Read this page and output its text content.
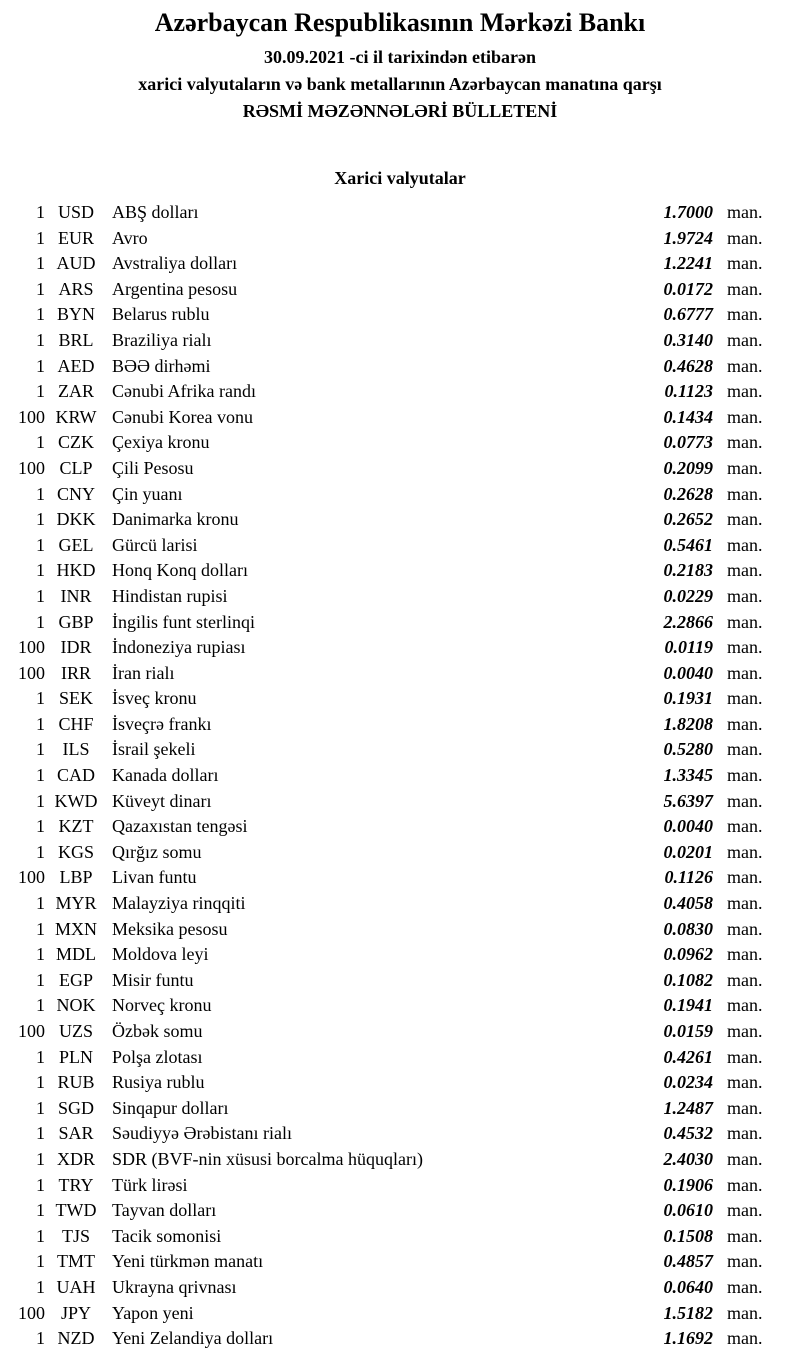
Azərbaycan Respublikasının Mərkəzi Bankı
30.09.2021 -ci il tarixindən etibarən
xarici valyutaların və bank metallarının Azərbaycan manatına qarşı
RƏSMİ MƏZƏNNƏLƏRİ BÜLLETENİ
Xarici valyutalar
1 USD	ABŞ dolları	1.7000 man.
1 EUR	Avro	1.9724 man.
1 AUD Avstraliya dolları	1.2241 man.
1 ARS	Argentina pesosu	0.0172 man.
1 BYN Belarus rublu	0.6777 man.
1 BRL	Braziliya rialı	0.3140 man.
1 AED BƏƏ dirhəmi	0.4628 man.
1 ZAR	Cənubi Afrika randı	0.1123 man.
100 KRW Cənubi Korea vonu	0.1434 man.
1 CZK	Çexiya kronu	0.0773 man.
100 CLP	Çili Pesosu	0.2099 man.
1 CNY Çin yuanı	0.2628 man.
1 DKK Danimarka kronu	0.2652 man.
1 GEL	Gürcü larisi	0.5461 man.
1 HKD Honq Konq dolları	0.2183 man.
1 INR	Hindistan rupisi	0.0229 man.
1 GBP	İngilis funt sterlinqi	2.2866 man.
100 IDR	İndoneziya rupiası	0.0119 man.
100 IRR	İran rialı	0.0040 man.
1 SEK	İsveç kronu	0.1931 man.
1 CHF	İsveçrə frankı	1.8208 man.
1 ILS	İsrail şekeli	0.5280 man.
1 CAD Kanada dolları	1.3345 man.
1 KWD Küveyt dinarı	5.6397 man.
1 KZT	Qazaxıstan tengəsi	0.0040 man.
1 KGS	Qırğız somu	0.0201 man.
100 LBP	Livan funtu	0.1126 man.
1 MYR Malayziya rinqqiti	0.4058 man.
1 MXN Meksika pesosu	0.0830 man.
1 MDL Moldova leyi	0.0962 man.
1 EGP	Misir funtu	0.1082 man.
1 NOK Norveç kronu	0.1941 man.
100 UZS	Özbək somu	0.0159 man.
1 PLN	Polşa zlotası	0.4261 man.
1 RUB Rusiya rublu	0.0234 man.
1 SGD	Sinqapur dolları	1.2487 man.
1 SAR	Səudiyyə Ərəbistanı rialı	0.4532 man.
1 XDR SDR (BVF-nin xüsusi borcalma hüquqları)	2.4030 man.
1 TRY	Türk lirəsi	0.1906 man.
1 TWD Tayvan dolları	0.0610 man.
1 TJS	Tacik somonisi	0.1508 man.
1 TMT Yeni türkmən manatı	0.4857 man.
1 UAH Ukrayna qrivnası	0.0640 man.
100 JPY	Yapon yeni	1.5182 man.
1 NZD Yeni Zelandiya dolları	1.1692 man.
